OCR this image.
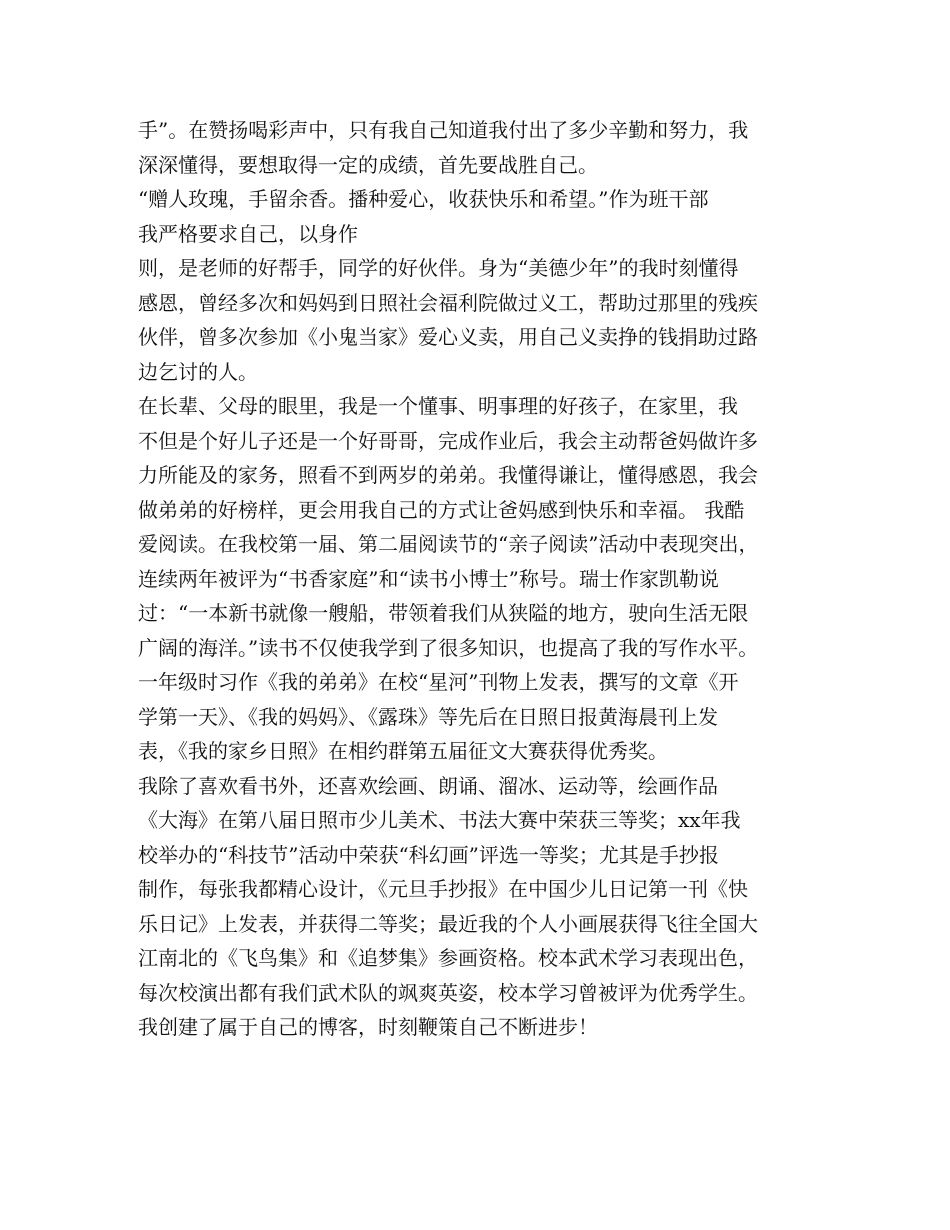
手”。在赞扬喝彩声中，只有我自己知道我付出了多少辛勤和努力，我
深深懂得，要想取得一定的成绩，首先要战胜自己。
“赠人玫瑰，手留余香。播种爱心，收获快乐和希望。”作为班干部
我严格要求自己，以身作
则，是老师的好帮手，同学的好伙伴。身为“美德少年”的我时刻懂得
感恩，曾经多次和妈妈到日照社会福利院做过义工，帮助过那里的残疾
伙伴，曾多次参加《小鬼当家》爱心义卖，用自己义卖挣的钱捐助过路
边乞讨的人。
在长辈、父母的眼里，我是一个懂事、明事理的好孩子，在家里，我
不但是个好儿子还是一个好哥哥，完成作业后，我会主动帮爸妈做许多
力所能及的家务，照看不到两岁的弟弟。我懂得谦让，懂得感恩，我会
做弟弟的好榜样，更会用我自己的方式让爸妈感到快乐和幸福。 我酷
爱阅读。在我校第一届、第二届阅读节的“亲子阅读”活动中表现突出，
连续两年被评为“书香家庭”和“读书小博士”称号。瑞士作家凯勒说
过：“一本新书就像一艘船，带领着我们从狭隘的地方，驶向生活无限
广阔的海洋。”读书不仅使我学到了很多知识，也提高了我的写作水平。
一年级时习作《我的弟弟》在校“星河”刊物上发表，撰写的文章《开
学第一天》、《我的妈妈》、《露珠》等先后在日照日报黄海晨刊上发
表，《我的家乡日照》在相约群第五届征文大赛获得优秀奖。
我除了喜欢看书外，还喜欢绘画、朗诵、溜冰、运动等，绘画作品
《大海》在第八届日照市少儿美术、书法大赛中荣获三等奖；xx年我
校举办的“科技节”活动中荣获“科幻画”评选一等奖；尤其是手抄报
制作，每张我都精心设计，《元旦手抄报》在中国少儿日记第一刊《快
乐日记》上发表，并获得二等奖；最近我的个人小画展获得飞往全国大
江南北的《飞鸟集》和《追梦集》参画资格。校本武术学习表现出色，
每次校演出都有我们武术队的飒爽英姿，校本学习曾被评为优秀学生。
我创建了属于自己的博客，时刻鞭策自己不断进步！
